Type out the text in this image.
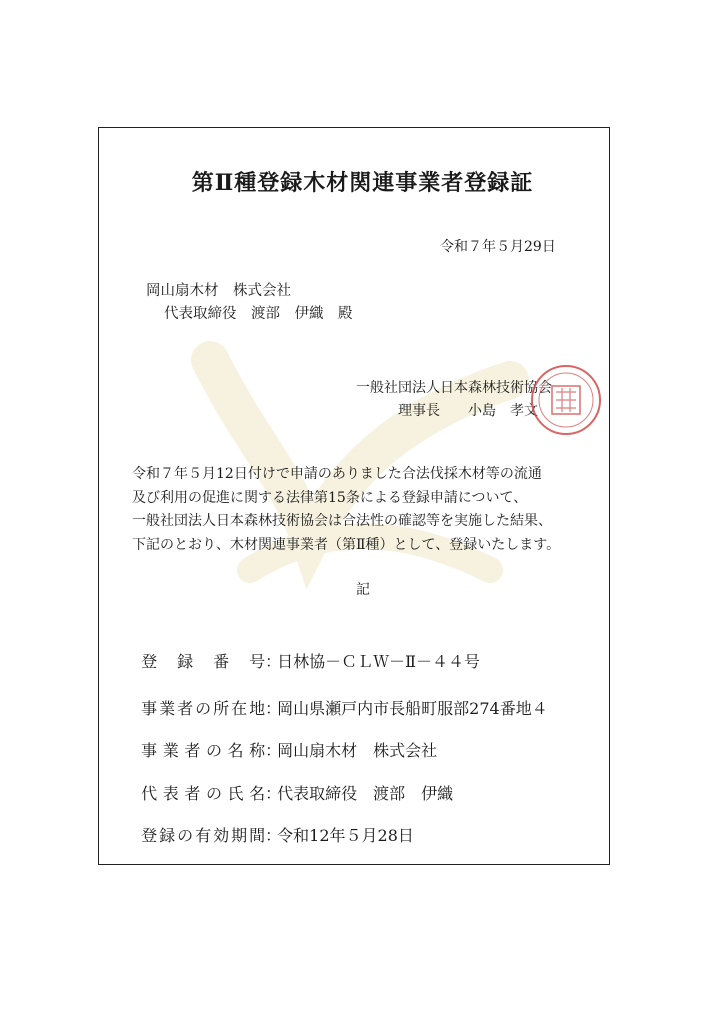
第Ⅱ種登録木材関連事業者登録証
令和７年５月29日
岡山扇木材　株式会社
代表取締役　渡部　伊織　殿
一般社団法人日本森林技術協会
理事長　　小島　孝文
令和７年５月12日付けで申請のありました合法伐採木材等の流通
及び利用の促進に関する法律第15条による登録申請について、
一般社団法人日本森林技術協会は合法性の確認等を実施した結果、
下記のとおり、木材関連事業者（第Ⅱ種）として、登録いたします。
記

登録番号：日林協－ＣＬＷ－Ⅱ－４４号

事業者の所在地：岡山県瀬戸内市長船町服部274番地４

事業者の名称：岡山扇木材　株式会社

代表者の氏名：代表取締役　渡部　伊織

登録の有効期間：令和12年５月28日
